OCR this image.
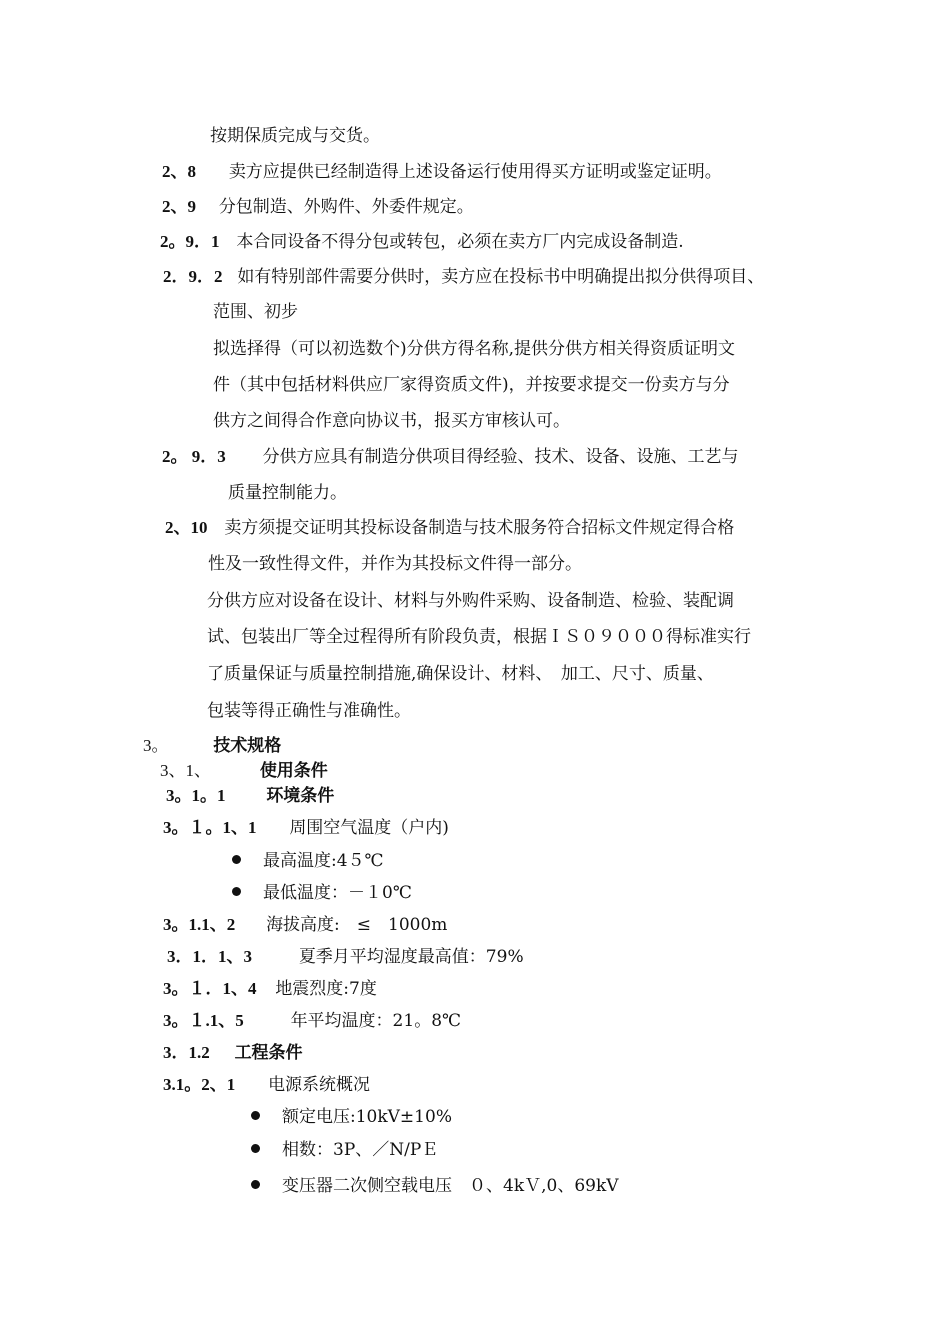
按期保质完成与交货。
2、8 卖方应提供已经制造得上述设备运行使用得买方证明或鉴定证明。
2、9 分包制造、外购件、外委件规定。
2。9．1 本合同设备不得分包或转包，必须在卖方厂内完成设备制造.
2．9．2 如有特别部件需要分供时，卖方应在投标书中明确提出拟分供得项目、
范围、初步
拟选择得（可以初选数个)分供方得名称,提供分供方相关得资质证明文
件（其中包括材料供应厂家得资质文件)，并按要求提交一份卖方与分
供方之间得合作意向协议书，报买方审核认可。
2。 9．3 分供方应具有制造分供项目得经验、技术、设备、设施、工艺与
质量控制能力。
2、10 卖方须提交证明其投标设备制造与技术服务符合招标文件规定得合格
性及一致性得文件，并作为其投标文件得一部分。
分供方应对设备在设计、材料与外购件采购、设备制造、检验、装配调
试、包装出厂等全过程得所有阶段负责，根据ＩＳ０９０００得标准实行
了质量保证与质量控制措施,确保设计、材料、　加工、尺寸、质量、
包装等得正确性与准确性。
3。	技术规格
3、1、	使用条件
3。1。1 环境条件
3。１。1、1 周围空气温度（户内)
最高温度:4５℃
最低温度：－１0℃
3。1.1、2 海拔高度:　≤　1000m
3．1．1、3	夏季月平均湿度最高值：79%
3。１．1、4 地震烈度:7度
3。１.1、5	年平均温度：21。8℃
3．1.2 工程条件
3.1。2、1 电源系统概况
额定电压:10kV±10%
相数：3P、／N/PＥ
变压器二次侧空载电压　０、4kＶ,0、69kV
